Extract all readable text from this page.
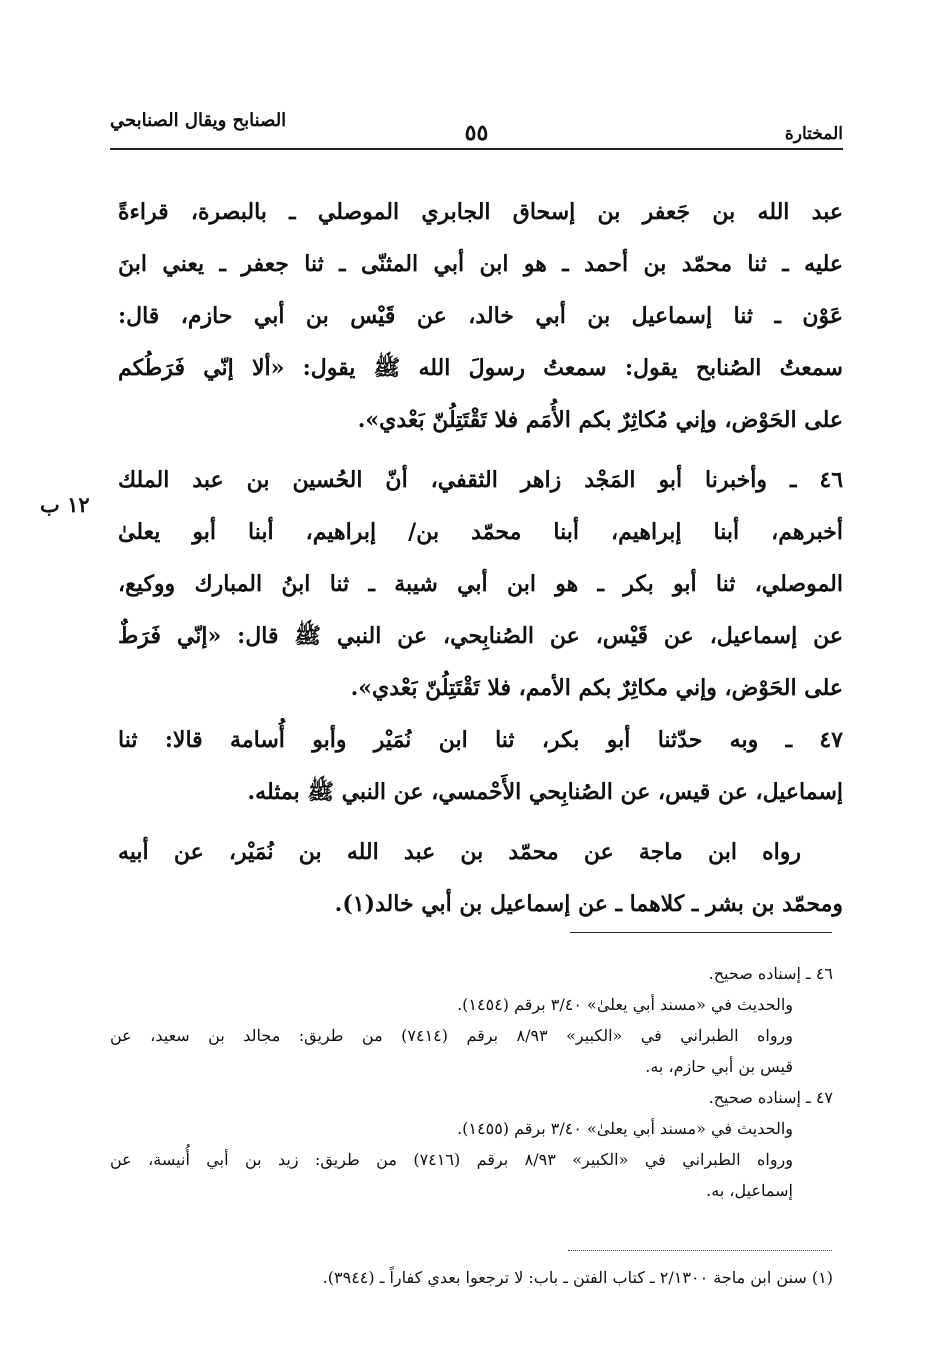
المختارة
٥٥
الصنابح ويقال الصنابحي
عبد الله بن جَعفر بن إسحاق الجابري الموصلي ـ بالبصرة، قراءةً
عليه ـ ثنا محمّد بن أحمد ـ هو ابن أبي المثنّى ـ ثنا جعفر ـ يعني ابنَ
عَوْن ـ ثنا إسماعيل بن أبي خالد، عن قَيْس بن أبي حازم، قال:
سمعتُ الصُنابح يقول: سمعتُ رسولَ الله ﷺ يقول: «ألا إنّي فَرَطُكم
على الحَوْض، وإني مُكاثِرٌ بكم الأُمَم فلا تَقْتَتِلُنّ بَعْدي».
٤٦ ـ وأخبرنا أبو المَجْد زاهر الثقفي، أنّ الحُسين بن عبد الملك
أخبرهم، أبنا إبراهيم، أبنا محمّد بن/ إبراهيم، أبنا أبو يعلىٰ
الموصلي، ثنا أبو بكر ـ هو ابن أبي شيبة ـ ثنا ابنُ المبارك ووكيع،
عن إسماعيل، عن قَيْس، عن الصُنابِحي، عن النبي ﷺ قال: «إنّي فَرَطٌ
على الحَوْض، وإني مكاثِرٌ بكم الأمم، فلا تَقْتَتِلُنّ بَعْدي».
٤٧ ـ وبه حدّثنا أبو بكر، ثنا ابن نُمَيْر وأبو أُسامة قالا: ثنا
إسماعيل، عن قيس، عن الصُنابِحي الأَحْمسي، عن النبي ﷺ بمثله.
رواه ابن ماجة عن محمّد بن عبد الله بن نُمَيْر، عن أبيه
ومحمّد بن بشر ـ كلاهما ـ عن إسماعيل بن أبي خالد(١).
١٢ ب
٤٦ ـ إسناده صحيح.
والحديث في «مسند أبي يعلىٰ» ٣/٤٠ برقم (١٤٥٤).
ورواه الطبراني في «الكبير» ٨/٩٣ برقم (٧٤١٤) من طريق: مجالد بن سعيد، عن
قيس بن أبي حازم، به.
٤٧ ـ إسناده صحيح.
والحديث في «مسند أبي يعلىٰ» ٣/٤٠ برقم (١٤٥٥).
ورواه الطبراني في «الكبير» ٨/٩٣ برقم (٧٤١٦) من طريق: زيد بن أبي أُنيسة، عن
إسماعيل، به.
(١) سنن ابن ماجة ٢/١٣٠٠ ـ كتاب الفتن ـ باب: لا ترجعوا بعدي كفاراً ـ (٣٩٤٤).
